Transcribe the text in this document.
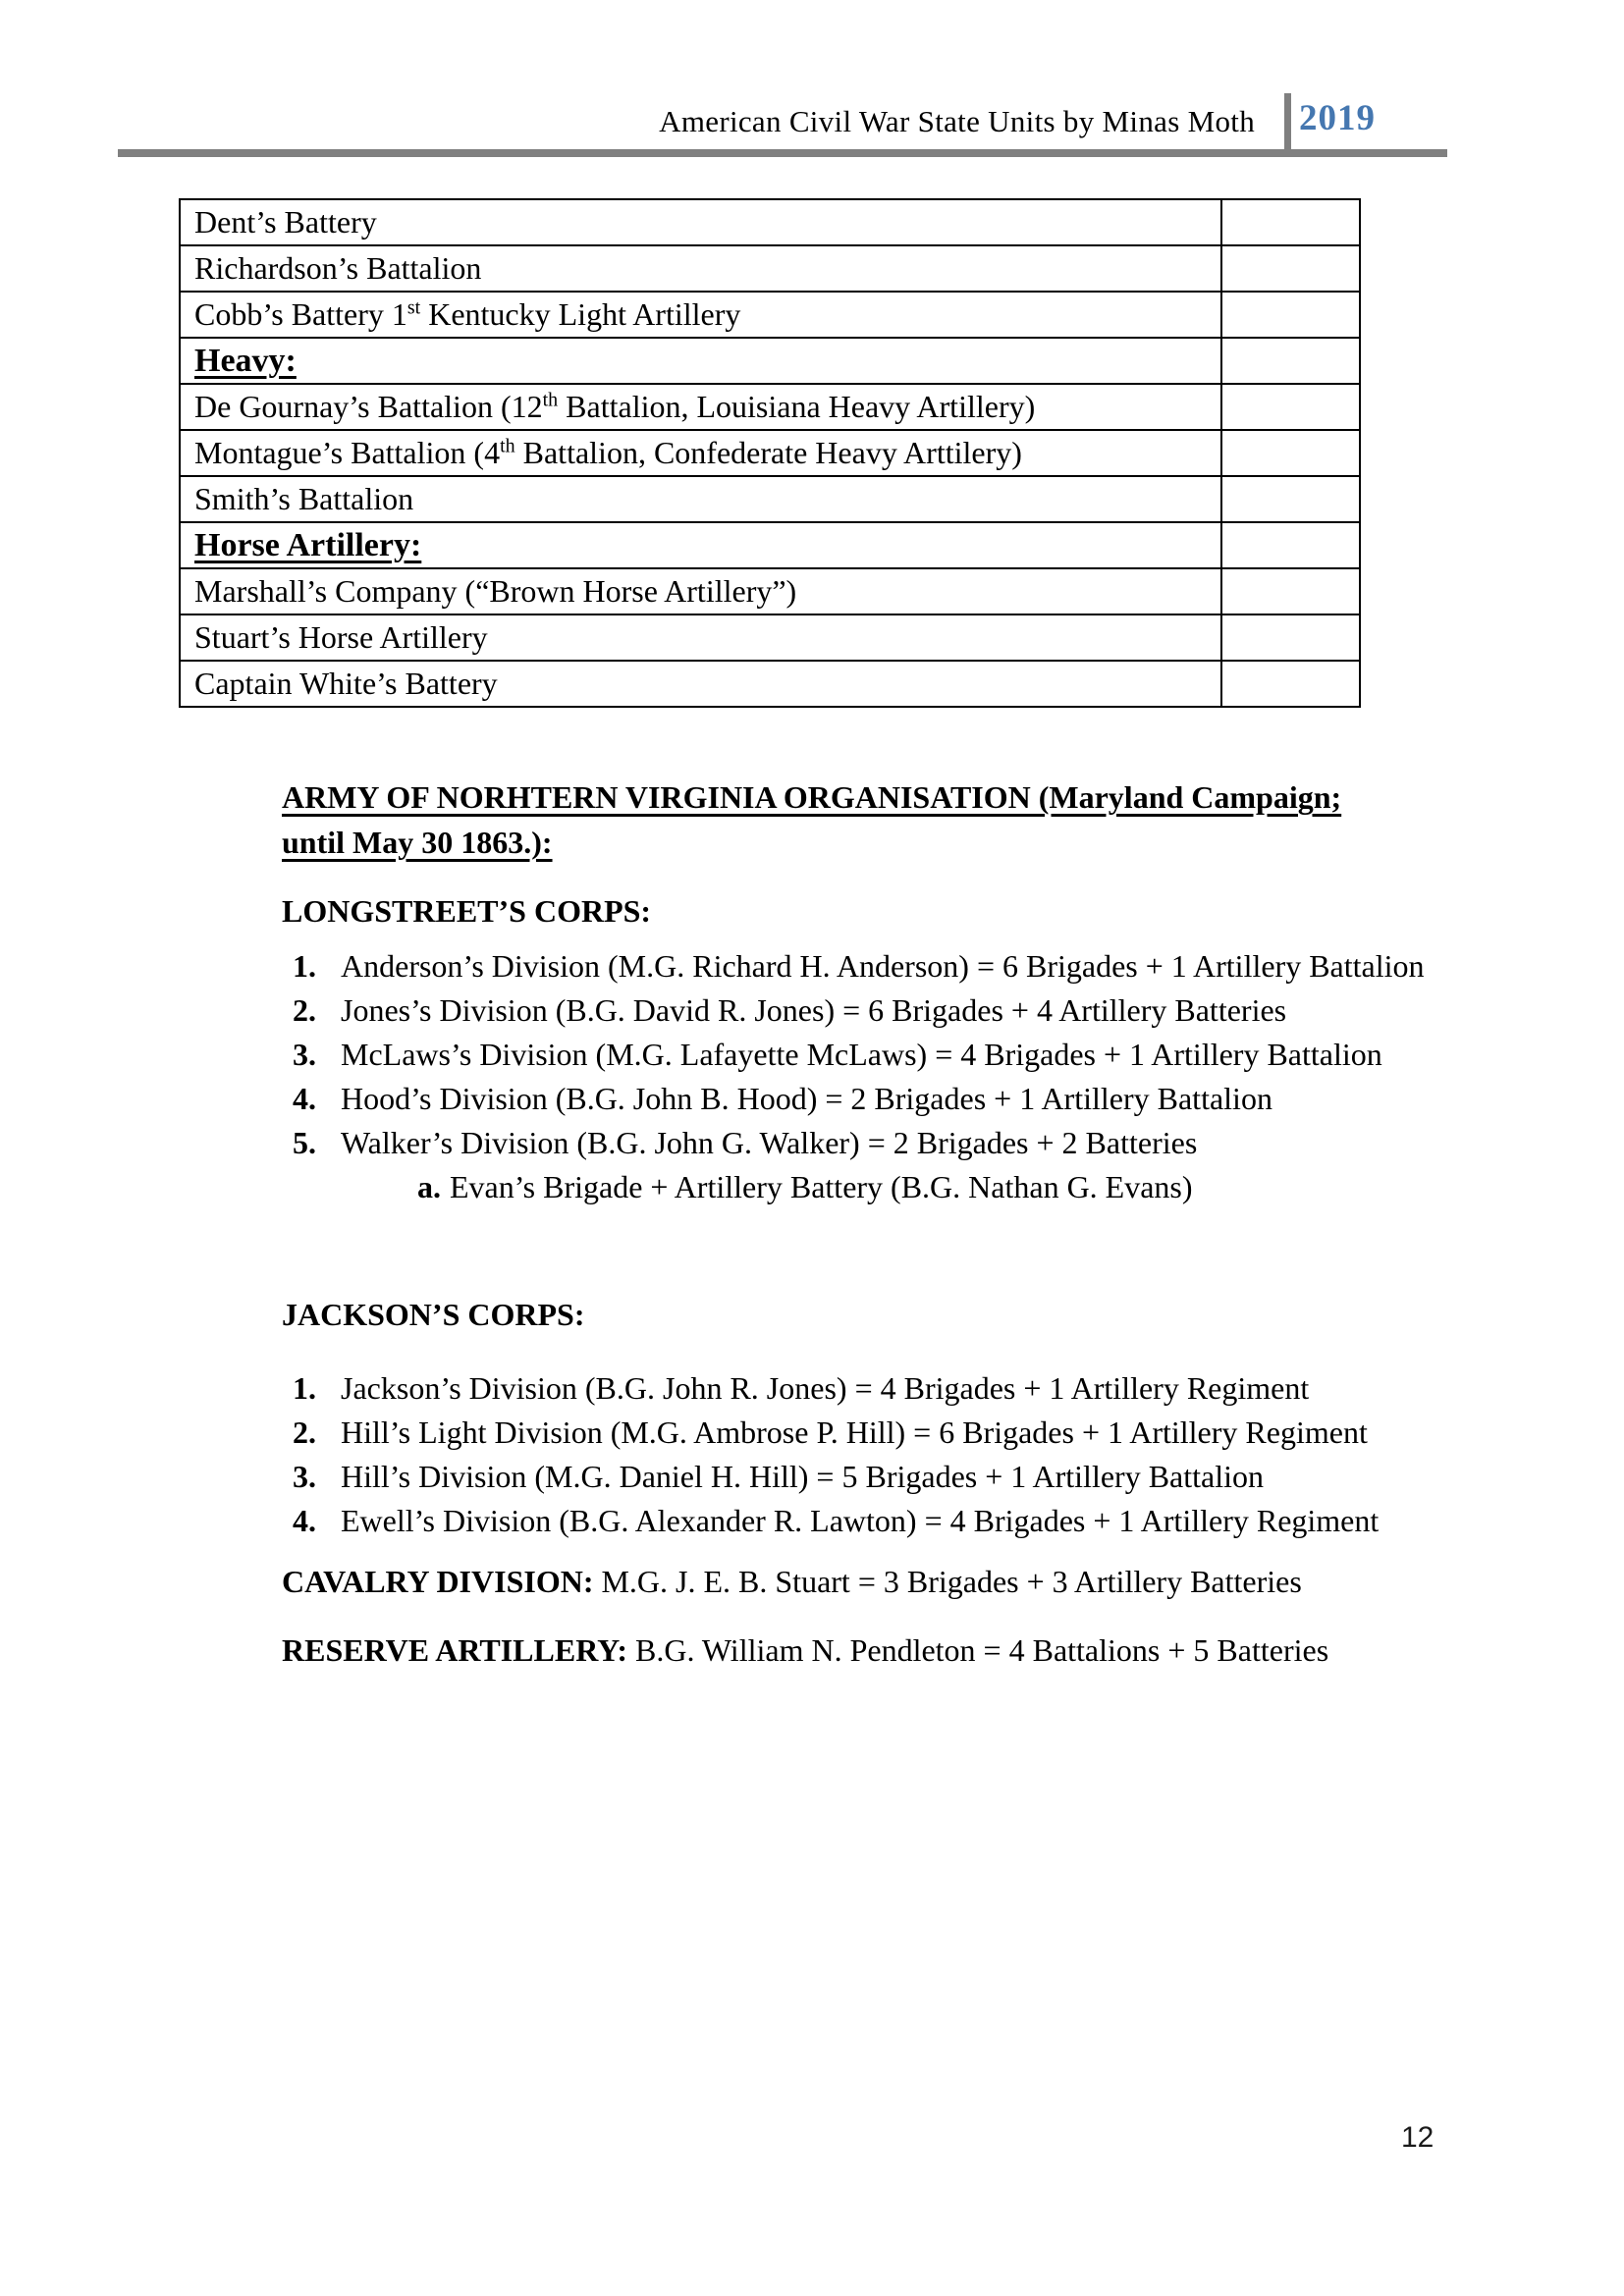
American Civil War State Units by Minas Moth 2019
Dent’s Battery	
Richardson’s Battalion	
Cobb’s Battery 1st Kentucky Light Artillery	
Heavy:	
De Gournay’s Battalion (12th Battalion, Louisiana Heavy Artillery)	
Montague’s Battalion (4th Battalion, Confederate Heavy Arttilery)	
Smith’s Battalion	
Horse Artillery:	
Marshall’s Company (“Brown Horse Artillery”)	
Stuart’s Horse Artillery	
Captain White’s Battery	
ARMY OF NORHTERN VIRGINIA ORGANISATION (Maryland Campaign;
until May 30 1863.):
LONGSTREET’S CORPS:
1. Anderson’s Division (M.G. Richard H. Anderson) = 6 Brigades + 1 Artillery Battalion
2. Jones’s Division (B.G. David R. Jones) = 6 Brigades + 4 Artillery Batteries
3. McLaws’s Division (M.G. Lafayette McLaws) = 4 Brigades + 1 Artillery Battalion
4. Hood’s Division (B.G. John B. Hood) = 2 Brigades + 1 Artillery Battalion
5. Walker’s Division (B.G. John G. Walker) = 2 Brigades + 2 Batteries
a. Evan’s Brigade + Artillery Battery (B.G. Nathan G. Evans)
JACKSON’S CORPS:
1. Jackson’s Division (B.G. John R. Jones) = 4 Brigades + 1 Artillery Regiment
2. Hill’s Light Division (M.G. Ambrose P. Hill) = 6 Brigades + 1 Artillery Regiment
3. Hill’s Division (M.G. Daniel H. Hill) = 5 Brigades + 1 Artillery Battalion
4. Ewell’s Division (B.G. Alexander R. Lawton) = 4 Brigades + 1 Artillery Regiment
CAVALRY DIVISION: M.G. J. E. B. Stuart = 3 Brigades + 3 Artillery Batteries
RESERVE ARTILLERY: B.G. William N. Pendleton = 4 Battalions + 5 Batteries
12
